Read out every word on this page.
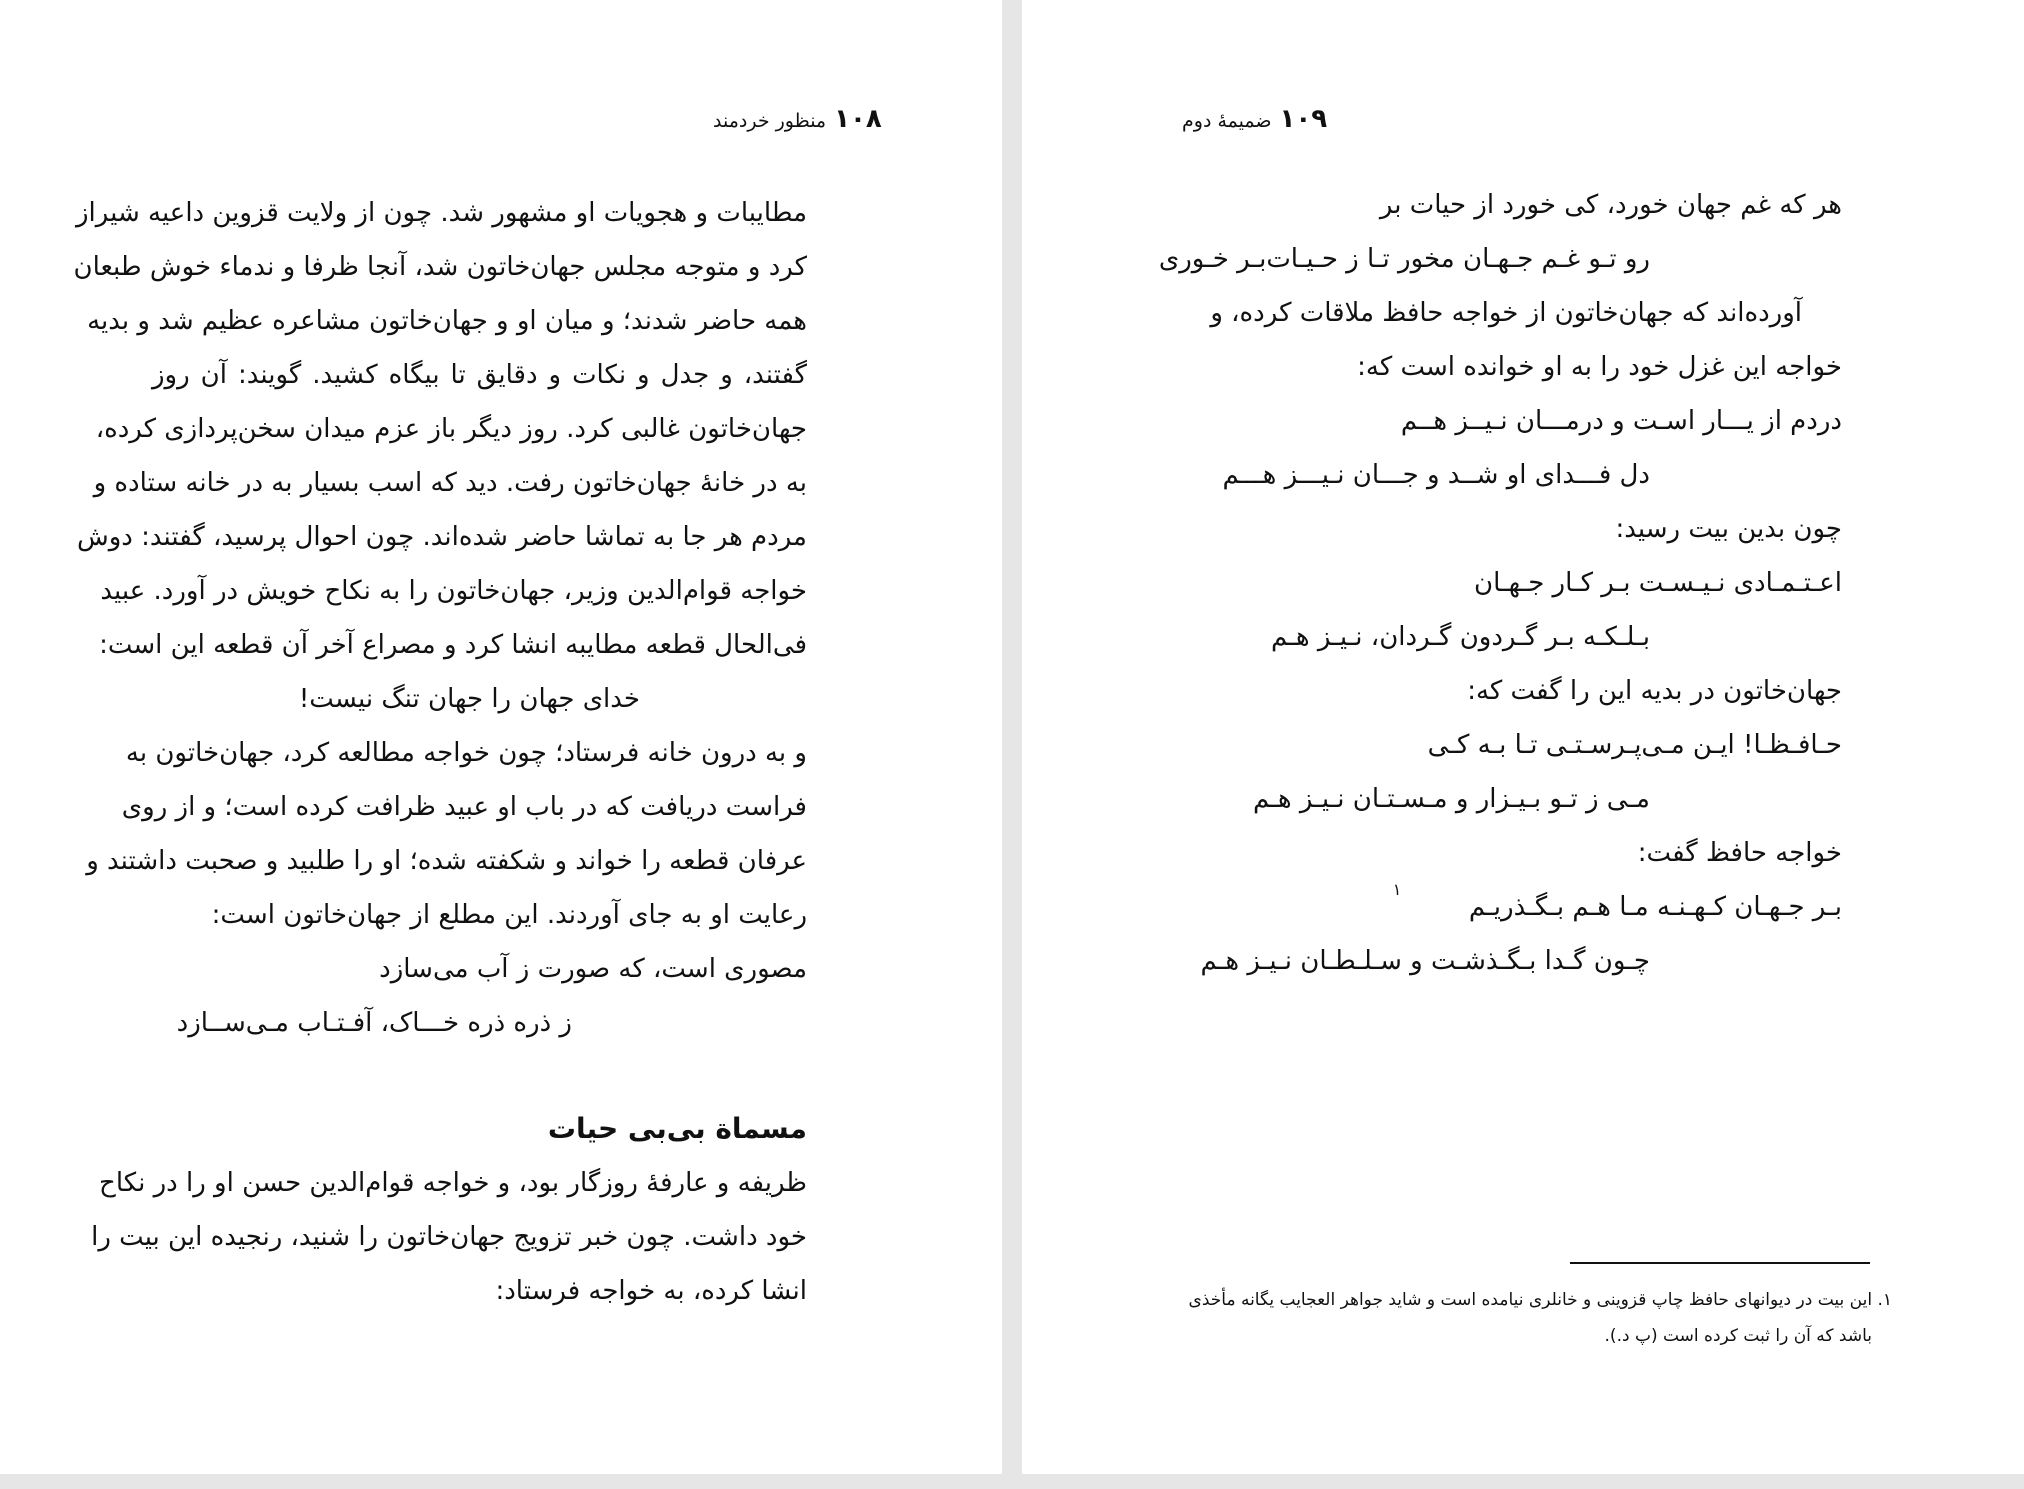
۱۰۸منظور خردمند
مطایبات و هجویات او مشهور شد. چون از ولایت قزوین داعیه شیراز
کرد و متوجه مجلس جهان‌خاتون شد، آنجا ظرفا و ندماء خوش طبعان
همه حاضر شدند؛ و میان او و جهان‌خاتون مشاعره عظیم شد و بدیه
گفتند، و جدل و نکات و دقایق تا بیگاه کشید. گویند: آن روز
جهان‌خاتون غالبی کرد. روز دیگر باز عزم میدان سخن‌پردازی کرده،
به در خانهٔ جهان‌خاتون رفت. دید که اسب بسیار به در خانه ستاده و
مردم هر جا به تماشا حاضر شده‌اند. چون احوال پرسید، گفتند: دوش
خواجه قوام‌الدین وزیر، جهان‌خاتون را به نکاح خویش در آورد. عبید
فی‌الحال قطعه مطایبه انشا کرد و مصراع آخر آن قطعه این است:
خدای جهان را جهان تنگ نیست!
و به درون خانه فرستاد؛ چون خواجه مطالعه کرد، جهان‌خاتون به
فراست دریافت که در باب او عبید ظرافت کرده است؛ و از روی
عرفان قطعه را خواند و شکفته شده؛ او را طلبید و صحبت داشتند و
رعایت او به جای آوردند. این مطلع از جهان‌خاتون است:
مصوری است، که صورت ز آب می‌سازد
ز ذره ذره خـــاک، آفـتـاب مـی‌ســازد
مسماة بی‌بی حیات
ظریفه و عارفهٔ روزگار بود، و خواجه قوام‌الدین حسن او را در نکاح
خود داشت. چون خبر تزویج جهان‌خاتون را شنید، رنجیده این بیت را
انشا کرده، به خواجه فرستاد:
۱۰۹ضمیمهٔ دوم
هر که غم جهان خورد، کی خورد از حیات بر
رو تـو غـم جـهـان مخور تـا ز حـیـات‌بـر خـوری
آورده‌اند که جهان‌خاتون از خواجه حافظ ملاقات کرده، و
خواجه این غزل خود را به او خوانده است که:
دردم از یـــار اسـت و درمـــان نـیــز هــم
دل فـــدای او شــد و جـــان نـیـــز هـــم
چون بدین بیت رسید:
اعـتـمـادی نـیـسـت بـر کـار جـهـان
بـلـکـه بـر گـردون گـردان، نـیـز هـم
جهان‌خاتون در بدیه این را گفت که:
حـافـظـا! ایـن مـی‌پـرسـتـی تـا بـه کـی
مـی ز تـو بـیـزار و مـسـتـان نـیـز هـم
خواجه حافظ گفت:
بـر جـهـان کـهـنـه مـا هـم بـگـذریـم
۱
چـون گـدا بـگـذشـت و سـلـطـان نـیـز هـم
۱. این بیت در دیوانهای حافظ چاپ قزوینی و خانلری نیامده است و شاید جواهر العجایب یگانه مأخذی
باشد که آن را ثبت کرده است (پ د.).
